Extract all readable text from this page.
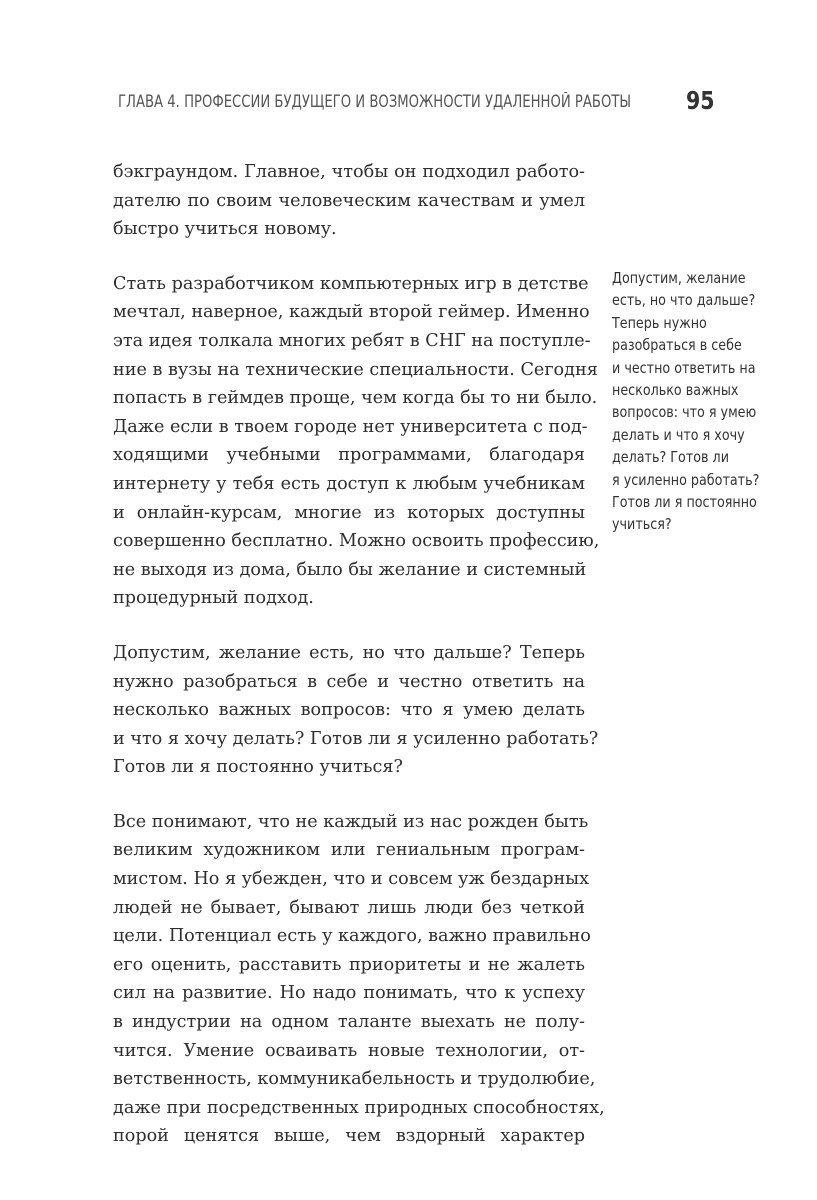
ГЛАВА 4. ПРОФЕССИИ БУДУЩЕГО И ВОЗМОЖНОСТИ УДАЛЕННОЙ РАБОТЫ 95

бэкграундом. Главное, чтобы он подходил работо-
дателю по своим человеческим качествам и умел
быстро учиться новому.

Стать разработчиком компьютерных игр в детстве
мечтал, наверное, каждый второй геймер. Именно
эта идея толкала многих ребят в СНГ на поступле-
ние в вузы на технические специальности. Сегодня
попасть в геймдев проще, чем когда бы то ни было.
Даже если в твоем городе нет университета с под-
ходящими учебными программами, благодаря
интернету у тебя есть доступ к любым учебникам
и онлайн-курсам, многие из которых доступны
совершенно бесплатно. Можно освоить профессию,
не выходя из дома, было бы желание и системный
процедурный подход.

Допустим, желание есть, но что дальше? Теперь
нужно разобраться в себе и честно ответить на
несколько важных вопросов: что я умею делать
и что я хочу делать? Готов ли я усиленно работать?
Готов ли я постоянно учиться?

Все понимают, что не каждый из нас рожден быть
великим художником или гениальным програм-
мистом. Но я убежден, что и совсем уж бездарных
людей не бывает, бывают лишь люди без четкой
цели. Потенциал есть у каждого, важно правильно
его оценить, расставить приоритеты и не жалеть
сил на развитие. Но надо понимать, что к успеху
в индустрии на одном таланте выехать не полу-
чится. Умение осваивать новые технологии, от-
ветственность, коммуникабельность и трудолюбие,
даже при посредственных природных способностях,
порой ценятся выше, чем вздорный характер

Допустим, желание
есть, но что дальше?
Теперь нужно
разобраться в себе
и честно ответить на
несколько важных
вопросов: что я умею
делать и что я хочу
делать? Готов ли
я усиленно работать?
Готов ли я постоянно
учиться?
